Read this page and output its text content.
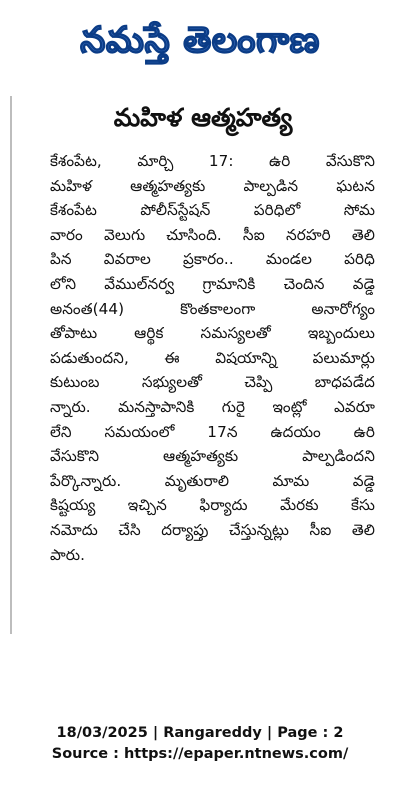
నమస్తే తెలంగాణ
మహిళ ఆత్మహత్య
కేశంపేట, మార్చి 17: ఉరి వేసుకొని
మహిళ ఆత్మహత్యకు పాల్పడిన ఘటన
కేశంపేట పోలీస్‌స్టేషన్ పరిధిలో సోమ
వారం వెలుగు చూసింది. సీఐ నరహరి తెలి
పిన వివరాల ప్రకారం.. మండల పరిధి
లోని వేముల్‌నర్వ గ్రామానికి చెందిన వడ్డె
అనంత(44) కొంతకాలంగా అనారోగ్యం
తోపాటు ఆర్థిక సమస్యలతో ఇబ్బందులు
పడుతుందని, ఈ విషయాన్ని పలుమార్లు
కుటుంబ సభ్యులతో చెప్పి బాధపడేద
న్నారు. మనస్తాపానికి గురై ఇంట్లో ఎవరూ
లేని సమయంలో 17న ఉదయం ఉరి
వేసుకొని ఆత్మహత్యకు పాల్పడిందని
పేర్కొన్నారు. మృతురాలి మామ వడ్డె
కిష్టయ్య ఇచ్చిన ఫిర్యాదు మేరకు కేసు
నమోదు చేసి దర్యాప్తు చేస్తున్నట్లు సీఐ తెలి
పారు.
18/03/2025 | Rangareddy | Page : 2
Source : https://epaper.ntnews.com/
